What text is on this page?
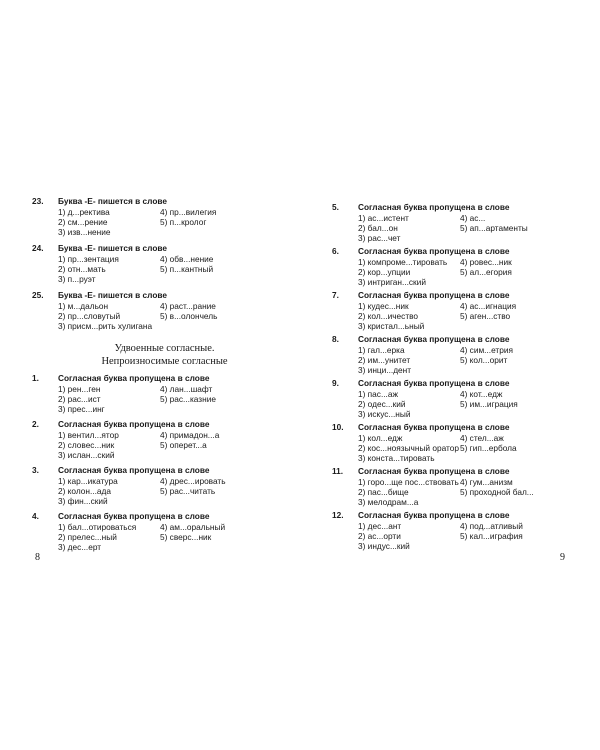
23. Буква -Е- пишется в слове
1) д...ректива	4) пр...вилегия
2) см...рение	5) п...кролог
3) изв...нение
24. Буква -Е- пишется в слове
1) пр...зентация	4) обв...нение
2) отн...мать	5) п...кантный
3) п...руэт
25. Буква -Е- пишется в слове
1) м...дальон	4) раст...рание
2) пр...словутый	5) в...олончель
3) присм...рить хулигана
Удвоенные согласные.
Непроизносимые согласные
1. Согласная буква пропущена в слове
1) рен...ген	4) лан...шафт
2) рас...ист	5) рас...казние
3) прес...инг
2. Согласная буква пропущена в слове
1) вентил...ятор	4) примадон...а
2) словес...ник	5) оперет...а
3) ислан...ский
3. Согласная буква пропущена в слове
1) кар...икатура	4) дрес...ировать
2) колон...ада	5) рас...читать
3) фин...ский
4. Согласная буква пропущена в слове
1) бал...отироваться	4) ам...оральный
2) прелес...ный	5) сверс...ник
3) дес...ерт
8
5. Согласная буква пропущена в слове
1) ас...истент	4) ас...
2) бал...он	5) ап...артаменты
3) рас...чет
6. Согласная буква пропущена в слове
1) компроме...тировать	4) ровес...ник
2) кор...упции	5) ал...егория
3) интриган...ский
7. Согласная буква пропущена в слове
1) кудес...ник	4) ас...игнация
2) кол...ичество	5) аген...ство
3) кристал...ьный
8. Согласная буква пропущена в слове
1) гал...ерка	4) сим...етрия
2) им...унитет	5) кол...орит
3) инци...дент
9. Согласная буква пропущена в слове
1) пас...аж	4) кот...едж
2) одес...кий	5) им...играция
3) искус...ный
10. Согласная буква пропущена в слове
1) кол...едж	4) стел...аж
2) кос...ноязычный оратор 5) гип...ербола
3) конста...тировать
11. Согласная буква пропущена в слове
1) горо...ще пос...ствовать 4) гум...анизм
2) пас...бище	5) проходной бал...
3) мелодрам...а
12. Согласная буква пропущена в слове
1) дес...ант	4) под...атливый
2) ас...орти	5) кал...играфия
3) индус...кий
9
